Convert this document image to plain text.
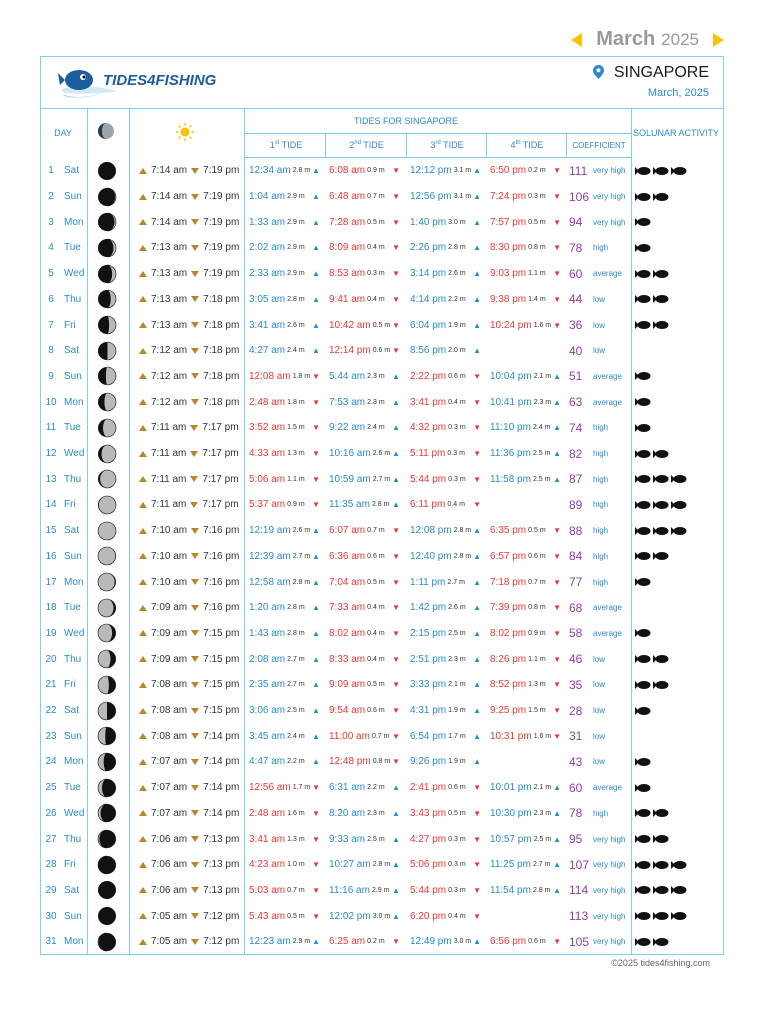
March 2025
TIDES4FISHING	SINGAPORE
March, 2025
DAY
TIDES FOR SINGAPORE
1st TIDE	2nd TIDE	3rd TIDE	4th TIDE	COEFFICIENT
SOLUNAR ACTIVITY
1	Sat	7:14 am 7:19 pm 12:34 am 2.8 m ▲ 6:08 am 0.9 m ▼ 12:12 pm 3.1 m ▲ 6:50 pm 0.2 m ▼ 111 very high
2	Sun	7:14 am 7:19 pm 1:04 am 2.9 m ▲ 6:48 am 0.7 m ▼ 12:56 pm 3.1 m ▲ 7:24 pm 0.3 m ▼ 106 very high
3	Mon	7:14 am 7:19 pm 1:33 am 2.9 m ▲ 7:28 am 0.5 m ▼ 1:40 pm 3.0 m ▲ 7:57 pm 0.5 m ▼ 94	very high
4	Tue	7:13 am 7:19 pm 2:02 am 2.9 m ▲ 8:09 am 0.4 m ▼ 2:26 pm 2.8 m ▲ 8:30 pm 0.8 m ▼ 78	high
5	Wed	7:13 am 7:19 pm 2:33 am 2.9 m ▲ 8:53 am 0.3 m ▼ 3:14 pm 2.6 m ▲ 9:03 pm 1.1 m ▼ 60	average
6	Thu	7:13 am 7:18 pm 3:05 am 2.8 m ▲ 9:41 am 0.4 m ▼ 4:14 pm 2.2 m ▲ 9:38 pm 1.4 m ▼ 44	low
7	Fri	7:13 am 7:18 pm 3:41 am 2.6 m ▲ 10:42 am 0.5 m ▼ 6:04 pm 1.9 m ▲ 10:24 pm 1.6 m ▼ 36	low
8	Sat	7:12 am 7:18 pm 4:27 am 2.4 m ▲ 12:14 pm 0.6 m ▼ 8:56 pm 2.0 m ▲	40	low
9	Sun	7:12 am 7:18 pm 12:08 am 1.8 m ▼ 5:44 am 2.3 m ▲ 2:22 pm 0.6 m ▼ 10:04 pm 2.1 m ▲ 51	average
10 Mon	7:12 am 7:18 pm 2:48 am 1.8 m ▼ 7:53 am 2.3 m ▲ 3:41 pm 0.4 m ▼ 10:41 pm 2.3 m ▲ 63	average
11 Tue	7:11 am 7:17 pm 3:52 am 1.5 m ▼ 9:22 am 2.4 m ▲ 4:32 pm 0.3 m ▼ 11:10 pm 2.4 m ▲ 74	high
12 Wed	7:11 am 7:17 pm 4:33 am 1.3 m ▼ 10:16 am 2.6 m ▲ 5:11 pm 0.3 m ▼ 11:36 pm 2.5 m ▲ 82	high
13 Thu	7:11 am 7:17 pm 5:06 am 1.1 m ▼ 10:59 am 2.7 m ▲ 5:44 pm 0.3 m ▼ 11:58 pm 2.5 m ▲ 87	high
14 Fri	7:11 am 7:17 pm 5:37 am 0.9 m ▼ 11:35 am 2.8 m ▲ 6:11 pm 0.4 m ▼	89	high
15 Sat	7:10 am 7:16 pm 12:19 am 2.6 m ▲ 6:07 am 0.7 m ▼ 12:08 pm 2.8 m ▲ 6:35 pm 0.5 m ▼ 88	high
16 Sun	7:10 am 7:16 pm 12:39 am 2.7 m ▲ 6:36 am 0.6 m ▼ 12:40 pm 2.8 m ▲ 6:57 pm 0.6 m ▼ 84	high
17 Mon	7:10 am 7:16 pm 12:58 am 2.8 m ▲ 7:04 am 0.5 m ▼ 1:11 pm 2.7 m ▲ 7:18 pm 0.7 m ▼ 77	high
18 Tue	7:09 am 7:16 pm 1:20 am 2.8 m ▲ 7:33 am 0.4 m ▼ 1:42 pm 2.6 m ▲ 7:39 pm 0.8 m ▼ 68	average
19 Wed	7:09 am 7:15 pm 1:43 am 2.8 m ▲ 8:02 am 0.4 m ▼ 2:15 pm 2.5 m ▲ 8:02 pm 0.9 m ▼ 58	average
20 Thu	7:09 am 7:15 pm 2:08 am 2.7 m ▲ 8:33 am 0.4 m ▼ 2:51 pm 2.3 m ▲ 8:26 pm 1.1 m ▼ 46	low
21 Fri	7:08 am 7:15 pm 2:35 am 2.7 m ▲ 9:09 am 0.5 m ▼ 3:33 pm 2.1 m ▲ 8:52 pm 1.3 m ▼ 35	low
22 Sat	7:08 am 7:15 pm 3:06 am 2.5 m ▲ 9:54 am 0.6 m ▼ 4:31 pm 1.9 m ▲ 9:25 pm 1.5 m ▼ 28	low
23 Sun	7:08 am 7:14 pm 3:45 am 2.4 m ▲ 11:00 am 0.7 m ▼ 6:54 pm 1.7 m ▲ 10:31 pm 1.6 m ▼ 31	low
24 Mon	7:07 am 7:14 pm 4:47 am 2.2 m ▲ 12:48 pm 0.8 m ▼ 9:26 pm 1.9 m ▲	43	low
25 Tue	7:07 am 7:14 pm 12:56 am 1.7 m ▼ 6:31 am 2.2 m ▲ 2:41 pm 0.6 m ▼ 10:01 pm 2.1 m ▲ 60	average
26 Wed	7:07 am 7:14 pm 2:48 am 1.6 m ▼ 8:20 am 2.3 m ▲ 3:43 pm 0.5 m ▼ 10:30 pm 2.3 m ▲ 78	high
27 Thu	7:06 am 7:13 pm 3:41 am 1.3 m ▼ 9:33 am 2.5 m ▲ 4:27 pm 0.3 m ▼ 10:57 pm 2.5 m ▲ 95	very high
28 Fri	7:06 am 7:13 pm 4:23 am 1.0 m ▼ 10:27 am 2.8 m ▲ 5:06 pm 0.3 m ▼ 11:25 pm 2.7 m ▲ 107 very high
29 Sat	7:06 am 7:13 pm 5:03 am 0.7 m ▼ 11:16 am 2.9 m ▲ 5:44 pm 0.3 m ▼ 11:54 pm 2.8 m ▲ 114 very high
30 Sun	7:05 am 7:12 pm 5:43 am 0.5 m ▼ 12:02 pm 3.0 m ▲ 6:20 pm 0.4 m ▼	113 very high
31 Mon	7:05 am 7:12 pm 12:23 am 2.9 m ▲ 6:25 am 0.2 m ▼ 12:49 pm 3.0 m ▲ 6:56 pm 0.6 m ▼ 105 very high
©2025 tides4fishing.com
